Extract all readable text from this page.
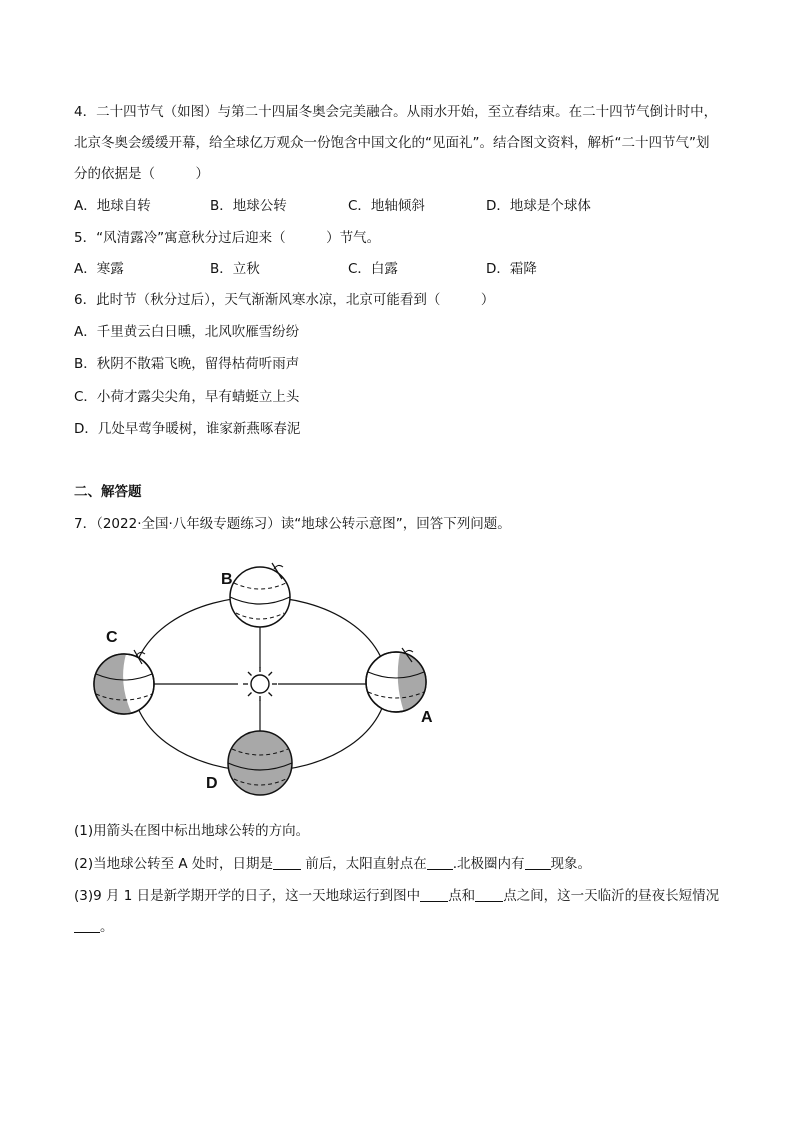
4．二十四节气（如图）与第二十四届冬奥会完美融合。从雨水开始，至立春结束。在二十四节气倒计时中，
北京冬奥会缓缓开幕，给全球亿万观众一份饱含中国文化的“见面礼”。结合图文资料，解析“二十四节气”划
分的依据是（　　　）
A．地球自转	B．地球公转	C．地轴倾斜	D．地球是个球体
5．“风清露冷”寓意秋分过后迎来（　　　）节气。
A．寒露	B．立秋	C．白露	D．霜降
6．此时节（秋分过后），天气渐渐风寒水凉，北京可能看到（　　　）
A．千里黄云白日曛，北风吹雁雪纷纷
B．秋阴不散霜飞晚，留得枯荷听雨声
C．小荷才露尖尖角，早有蜻蜓立上头
D．几处早莺争暖树，谁家新燕啄春泥
二、解答题
7．（2022·全国·八年级专题练习）读“地球公转示意图”，回答下列问题。
B
C
A
D
(1)用箭头在图中标出地球公转的方向。
(2)当地球公转至 A 处时，日期是 前后，太阳直射点在 .北极圈内有 现象。
(3)9 月 1 日是新学期开学的日子，这一天地球运行到图中 点和 点之间，这一天临沂的昼夜长短情况
。
